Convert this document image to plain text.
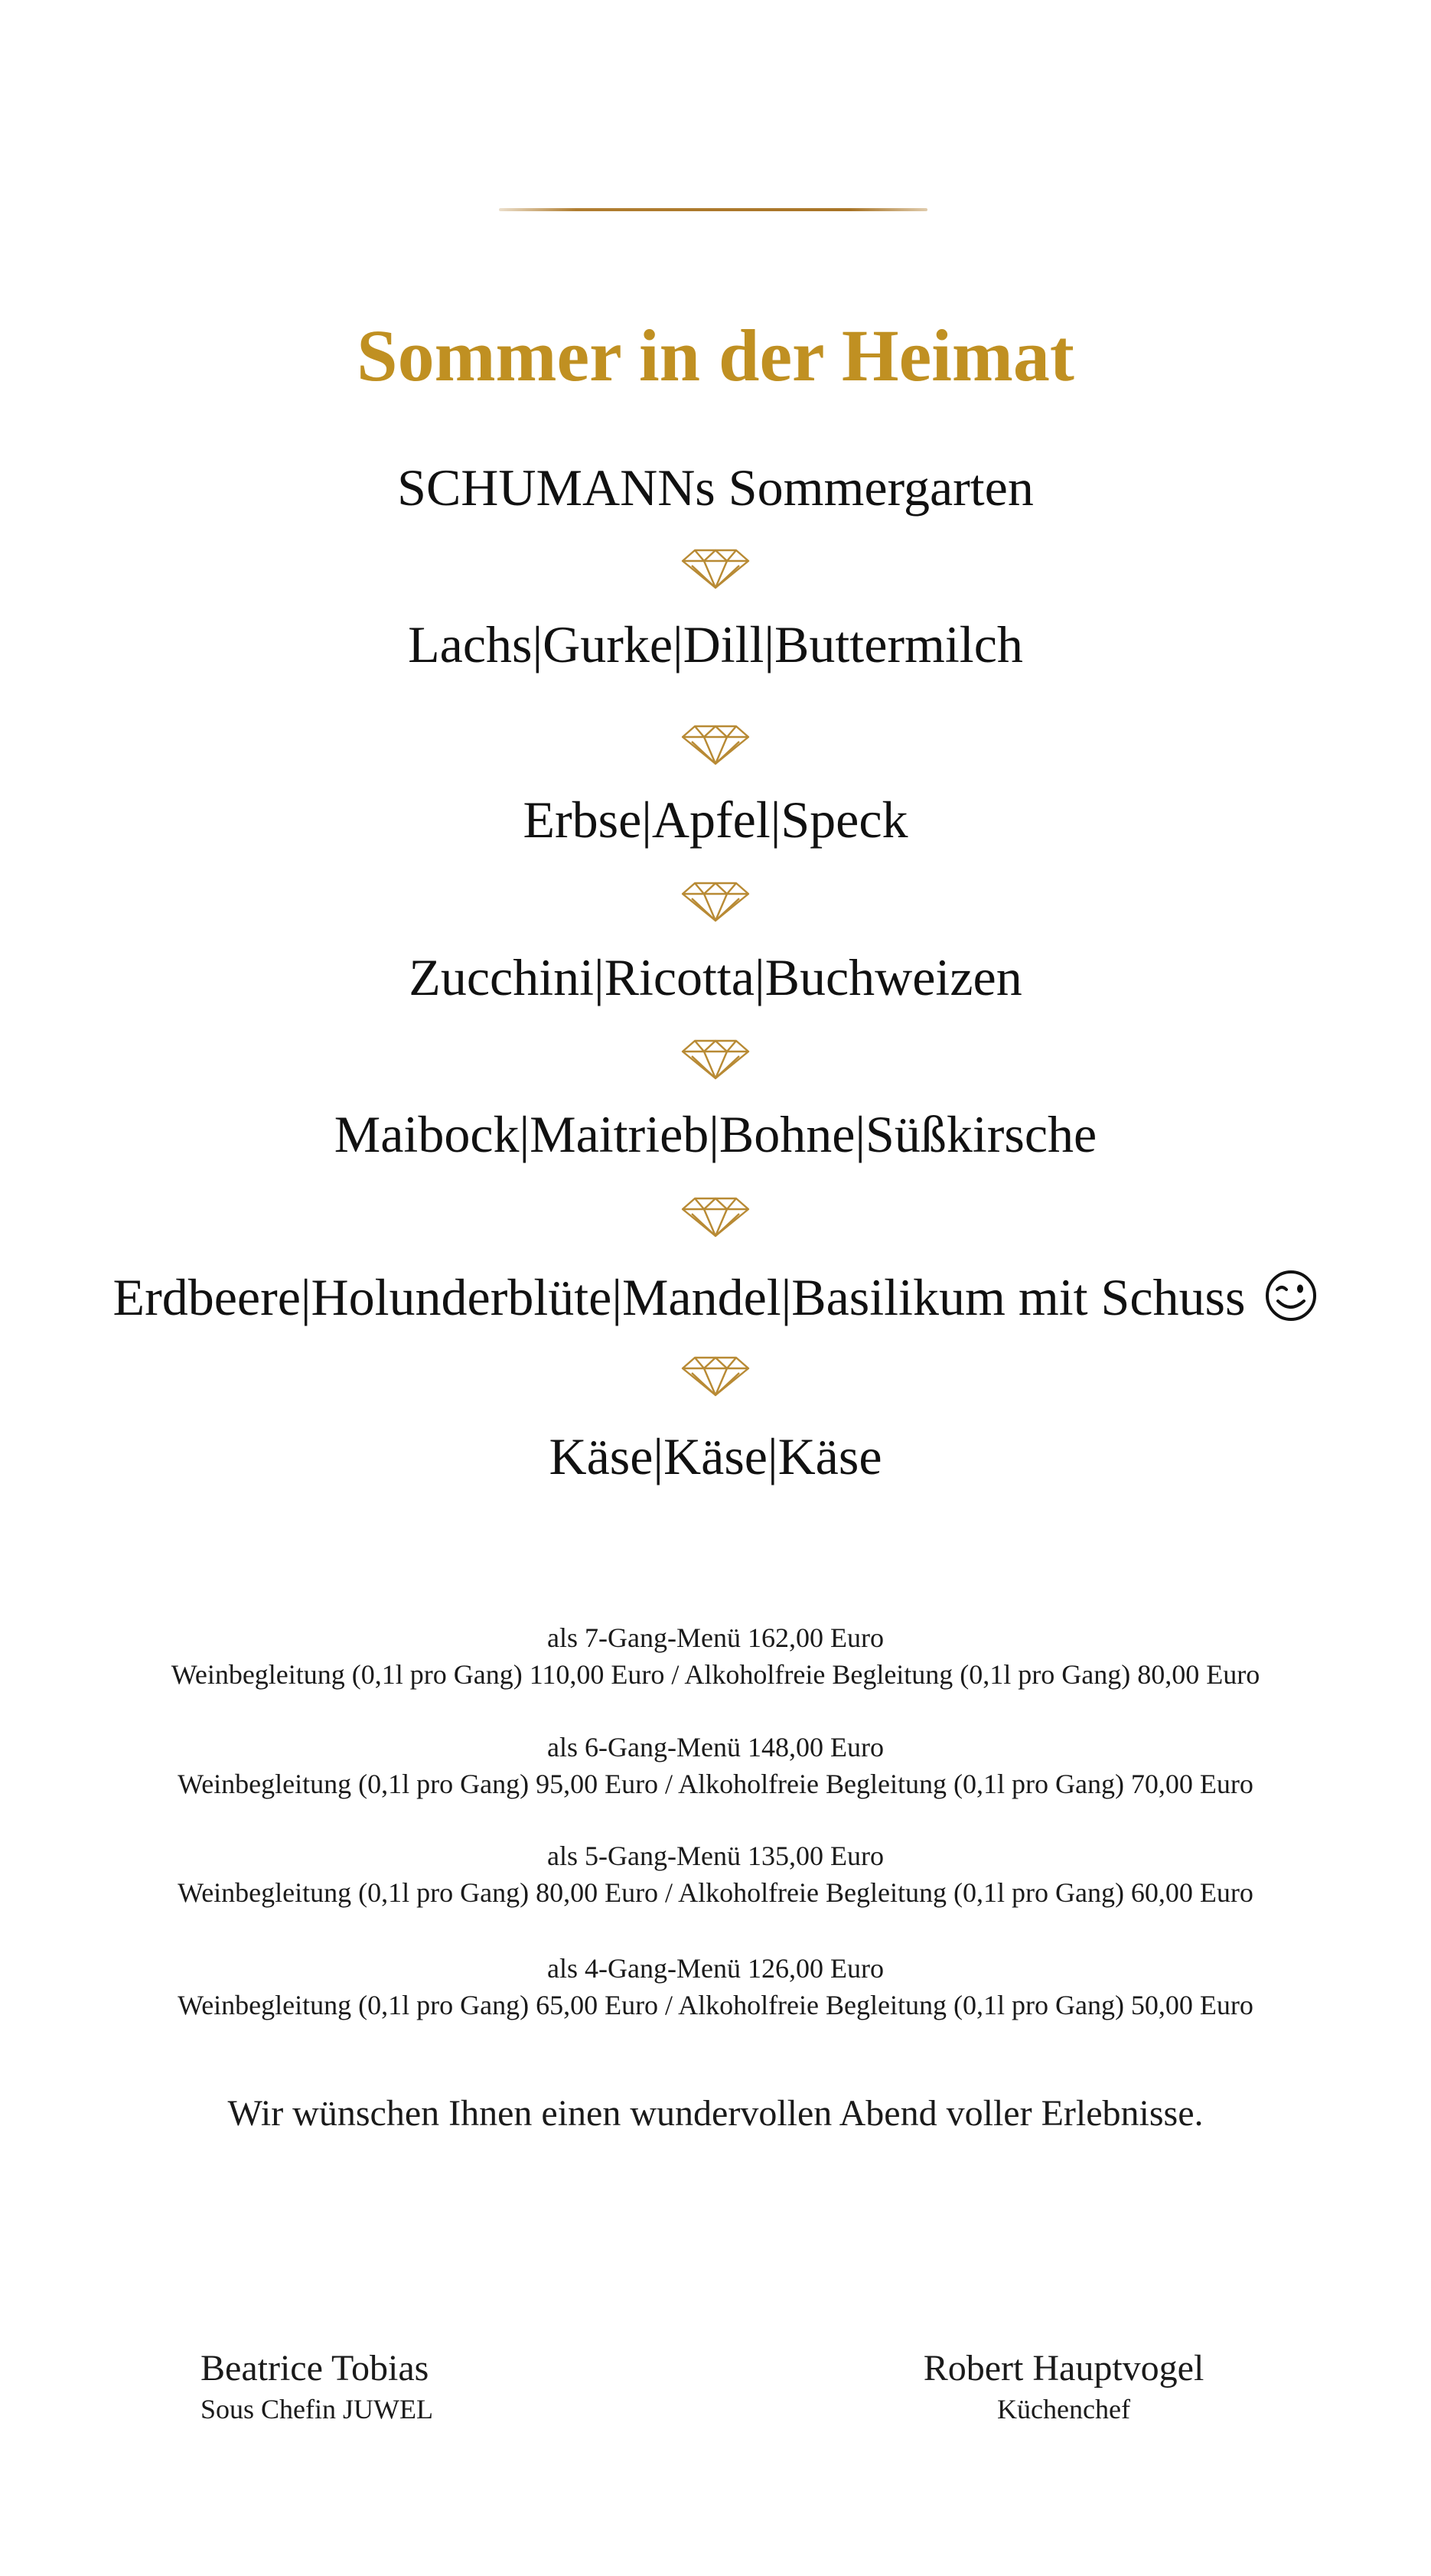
Sommer in der Heimat
SCHUMANNs Sommergarten
Lachs|Gurke|Dill|Buttermilch
Erbse|Apfel|Speck
Zucchini|Ricotta|Buchweizen
Maibock|Maitrieb|Bohne|Süßkirsche
Erdbeere|Holunderblüte|Mandel|Basilikum mit Schuss
Käse|Käse|Käse
als 7-Gang-Menü 162,00 Euro
Weinbegleitung (0,1l pro Gang) 110,00 Euro / Alkoholfreie Begleitung (0,1l pro Gang) 80,00 Euro
als 6-Gang-Menü 148,00 Euro
Weinbegleitung (0,1l pro Gang) 95,00 Euro / Alkoholfreie Begleitung (0,1l pro Gang) 70,00 Euro
als 5-Gang-Menü 135,00 Euro
Weinbegleitung (0,1l pro Gang) 80,00 Euro / Alkoholfreie Begleitung (0,1l pro Gang) 60,00 Euro
als 4-Gang-Menü 126,00 Euro
Weinbegleitung (0,1l pro Gang) 65,00 Euro / Alkoholfreie Begleitung (0,1l pro Gang) 50,00 Euro
Wir wünschen Ihnen einen wundervollen Abend voller Erlebnisse.
Beatrice Tobias
Sous Chefin JUWEL
Robert Hauptvogel
Küchenchef
